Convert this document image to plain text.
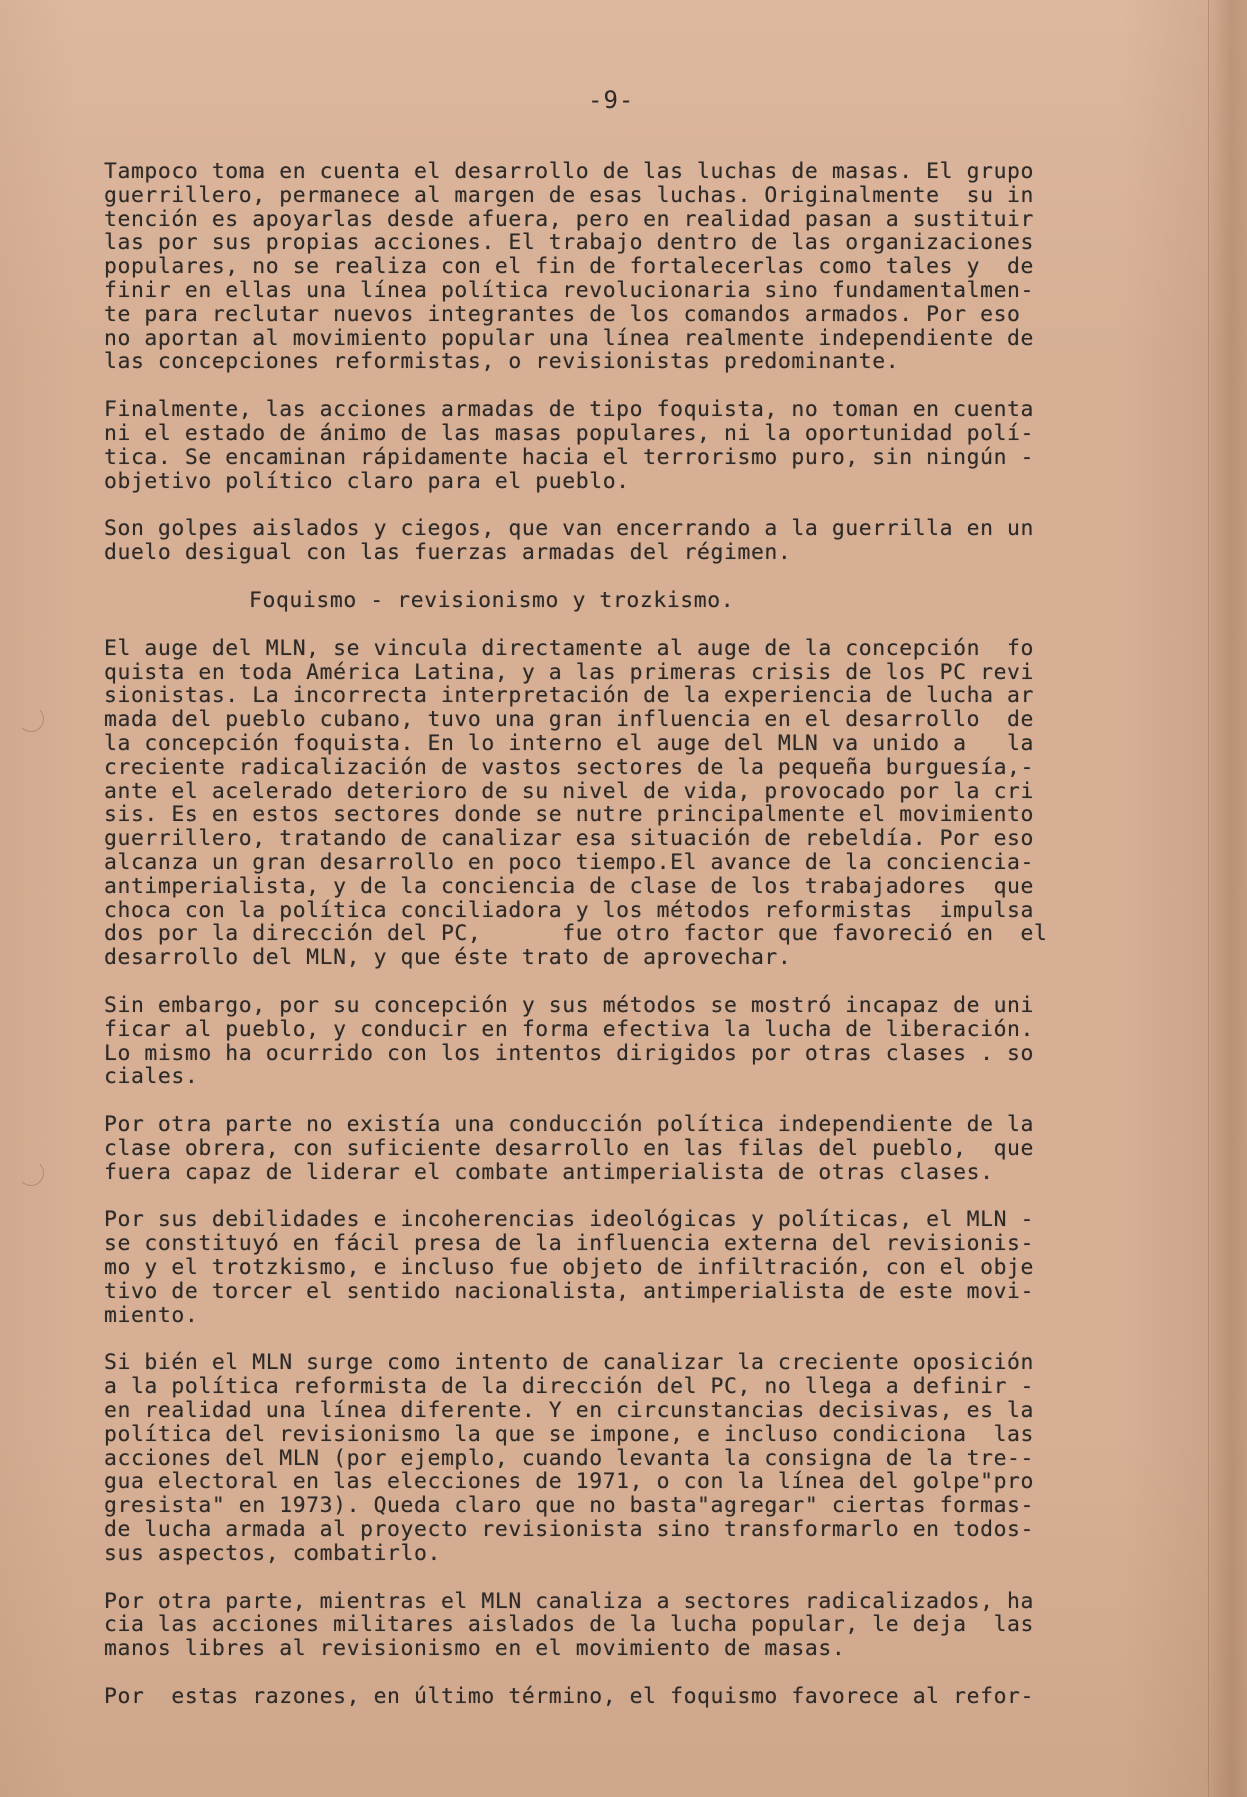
-9-
Tampoco toma en cuenta el desarrollo de las luchas de masas. El grupo
guerrillero, permanece al margen de esas luchas. Originalmente  su in
tención es apoyarlas desde afuera, pero en realidad pasan a sustituir
las por sus propias acciones. El trabajo dentro de las organizaciones
populares, no se realiza con el fin de fortalecerlas como tales y  de
finir en ellas una línea política revolucionaria sino fundamentalmen-
te para reclutar nuevos integrantes de los comandos armados. Por eso
no aportan al movimiento popular una línea realmente independiente de
las concepciones reformistas, o revisionistas predominante.
Finalmente, las acciones armadas de tipo foquista, no toman en cuenta
ni el estado de ánimo de las masas populares, ni la oportunidad polí-
tica. Se encaminan rápidamente hacia el terrorismo puro, sin ningún -
objetivo político claro para el pueblo.
Son golpes aislados y ciegos, que van encerrando a la guerrilla en un
duelo desigual con las fuerzas armadas del régimen.
Foquismo - revisionismo y trozkismo.
El auge del MLN, se vincula directamente al auge de la concepción  fo
quista en toda América Latina, y a las primeras crisis de los PC revi
sionistas. La incorrecta interpretación de la experiencia de lucha ar
mada del pueblo cubano, tuvo una gran influencia en el desarrollo  de
la concepción foquista. En lo interno el auge del MLN va unido a   la
creciente radicalización de vastos sectores de la pequeña burguesía,-
ante el acelerado deterioro de su nivel de vida, provocado por la cri
sis. Es en estos sectores donde se nutre principalmente el movimiento
guerrillero, tratando de canalizar esa situación de rebeldía. Por eso
alcanza un gran desarrollo en poco tiempo.El avance de la conciencia-
antimperialista, y de la conciencia de clase de los trabajadores  que
choca con la política conciliadora y los métodos reformistas  impulsa
dos por la dirección del PC,      fue otro factor que favoreció en  el
desarrollo del MLN, y que éste trato de aprovechar.
Sin embargo, por su concepción y sus métodos se mostró incapaz de uni
ficar al pueblo, y conducir en forma efectiva la lucha de liberación.
Lo mismo ha ocurrido con los intentos dirigidos por otras clases . so
ciales.
Por otra parte no existía una conducción política independiente de la
clase obrera, con suficiente desarrollo en las filas del pueblo,  que
fuera capaz de liderar el combate antimperialista de otras clases.
Por sus debilidades e incoherencias ideológicas y políticas, el MLN -
se constituyó en fácil presa de la influencia externa del revisionis-
mo y el trotzkismo, e incluso fue objeto de infiltración, con el obje
tivo de torcer el sentido nacionalista, antimperialista de este movi-
miento.
Si bién el MLN surge como intento de canalizar la creciente oposición
a la política reformista de la dirección del PC, no llega a definir -
en realidad una línea diferente. Y en circunstancias decisivas, es la
política del revisionismo la que se impone, e incluso condiciona  las
acciones del MLN (por ejemplo, cuando levanta la consigna de la tre--
gua electoral en las elecciones de 1971, o con la línea del golpe"pro
gresista" en 1973). Queda claro que no basta"agregar" ciertas formas-
de lucha armada al proyecto revisionista sino transformarlo en todos-
sus aspectos, combatirlo.
Por otra parte, mientras el MLN canaliza a sectores radicalizados, ha
cia las acciones militares aislados de la lucha popular, le deja  las
manos libres al revisionismo en el movimiento de masas.
Por  estas razones, en último término, el foquismo favorece al refor-
